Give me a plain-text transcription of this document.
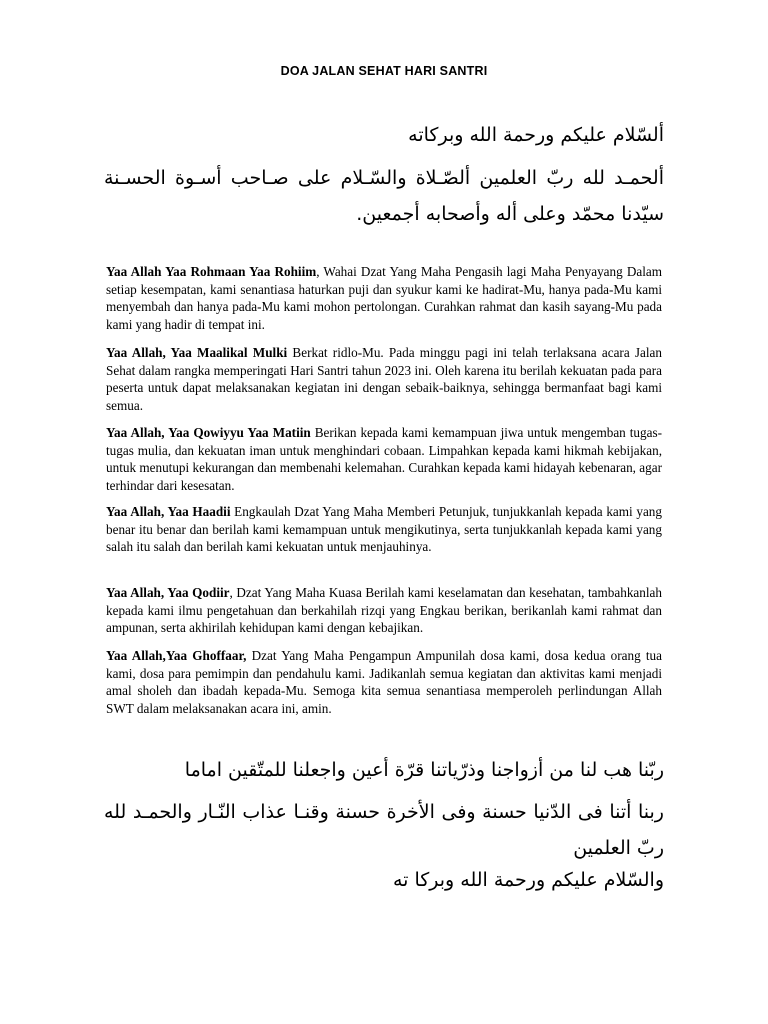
DOA JALAN SEHAT HARI SANTRI

ألسّلام عليكم ورحمة الله وبركاته

ألحمـد لله ربّ العلمين ألصّـلاة والسّـلام على صـاحب أسـوة الحسـنة سيّدنا محمّد وعلى أله وأصحابه أجمعين.

Yaa Allah Yaa Rohmaan Yaa Rohiim, Wahai Dzat Yang Maha Pengasih lagi Maha Penyayang Dalam setiap kesempatan, kami senantiasa haturkan puji dan syukur kami ke hadirat-Mu, hanya pada-Mu kami menyembah dan hanya pada-Mu kami mohon pertolongan. Curahkan rahmat dan kasih sayang-Mu pada kami yang hadir di tempat ini.

Yaa Allah, Yaa Maalikal Mulki Berkat ridlo-Mu. Pada minggu pagi ini telah terlaksana acara Jalan Sehat dalam rangka memperingati Hari Santri tahun 2023 ini. Oleh karena itu berilah kekuatan pada para peserta untuk dapat melaksanakan kegiatan ini dengan sebaik-baiknya, sehingga bermanfaat bagi kami semua.

Yaa Allah, Yaa Qowiyyu Yaa Matiin Berikan kepada kami kemampuan jiwa untuk mengemban tugas-tugas mulia, dan kekuatan iman untuk menghindari cobaan. Limpahkan kepada kami hikmah kebijakan, untuk menutupi kekurangan dan membenahi kelemahan. Curahkan kepada kami hidayah kebenaran, agar terhindar dari kesesatan.

Yaa Allah, Yaa Haadii Engkaulah Dzat Yang Maha Memberi Petunjuk, tunjukkanlah kepada kami yang benar itu benar dan berilah kami kemampuan untuk mengikutinya, serta tunjukkanlah kepada kami yang salah itu salah dan berilah kami kekuatan untuk menjauhinya.

Yaa Allah, Yaa Qodiir, Dzat Yang Maha Kuasa Berilah kami keselamatan dan kesehatan, tambahkanlah kepada kami ilmu pengetahuan dan berkahilah rizqi yang Engkau berikan, berikanlah kami rahmat dan ampunan, serta akhirilah kehidupan kami dengan kebajikan.

Yaa Allah,Yaa Ghoffaar, Dzat Yang Maha Pengampun Ampunilah dosa kami, dosa kedua orang tua kami, dosa para pemimpin dan pendahulu kami. Jadikanlah semua kegiatan dan aktivitas kami menjadi amal sholeh dan ibadah kepada-Mu. Semoga kita semua senantiasa memperoleh perlindungan Allah SWT dalam melaksanakan acara ini, amin.

ربّنا هب لنا من أزواجنا وذرّياتنا قرّة أعين واجعلنا للمتّقين اماما

ربنا أتنا فى الدّنيا حسنة وفى الأخرة حسنة وقنـا عذاب النّـار والحمـد لله ربّ العلمين

والسّلام عليكم ورحمة الله وبركا ته
